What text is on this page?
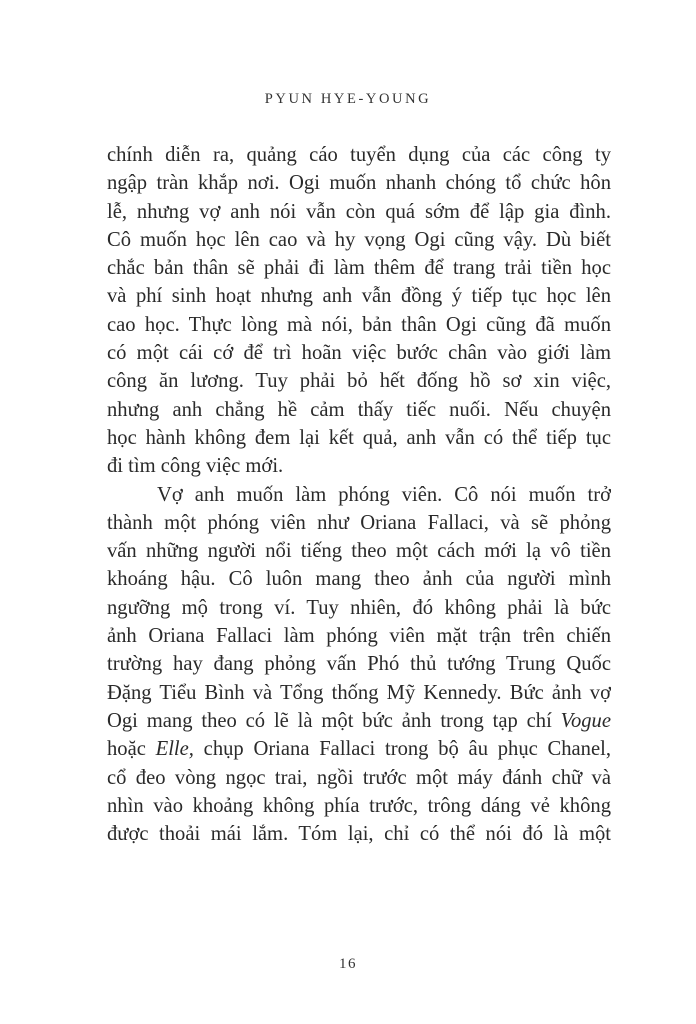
PYUN HYE-YOUNG
chính diễn ra, quảng cáo tuyển dụng của các công ty
ngập tràn khắp nơi. Ogi muốn nhanh chóng tổ chức hôn
lễ, nhưng vợ anh nói vẫn còn quá sớm để lập gia đình.
Cô muốn học lên cao và hy vọng Ogi cũng vậy. Dù biết
chắc bản thân sẽ phải đi làm thêm để trang trải tiền học
và phí sinh hoạt nhưng anh vẫn đồng ý tiếp tục học lên
cao học. Thực lòng mà nói, bản thân Ogi cũng đã muốn
có một cái cớ để trì hoãn việc bước chân vào giới làm
công ăn lương. Tuy phải bỏ hết đống hồ sơ xin việc,
nhưng anh chẳng hề cảm thấy tiếc nuối. Nếu chuyện
học hành không đem lại kết quả, anh vẫn có thể tiếp tục
đi tìm công việc mới.
Vợ anh muốn làm phóng viên. Cô nói muốn trở
thành một phóng viên như Oriana Fallaci, và sẽ phỏng
vấn những người nổi tiếng theo một cách mới lạ vô tiền
khoáng hậu. Cô luôn mang theo ảnh của người mình
ngưỡng mộ trong ví. Tuy nhiên, đó không phải là bức
ảnh Oriana Fallaci làm phóng viên mặt trận trên chiến
trường hay đang phỏng vấn Phó thủ tướng Trung Quốc
Đặng Tiểu Bình và Tổng thống Mỹ Kennedy. Bức ảnh vợ
Ogi mang theo có lẽ là một bức ảnh trong tạp chí Vogue
hoặc Elle, chụp Oriana Fallaci trong bộ âu phục Chanel,
cổ đeo vòng ngọc trai, ngồi trước một máy đánh chữ và
nhìn vào khoảng không phía trước, trông dáng vẻ không
được thoải mái lắm. Tóm lại, chỉ có thể nói đó là một
16
